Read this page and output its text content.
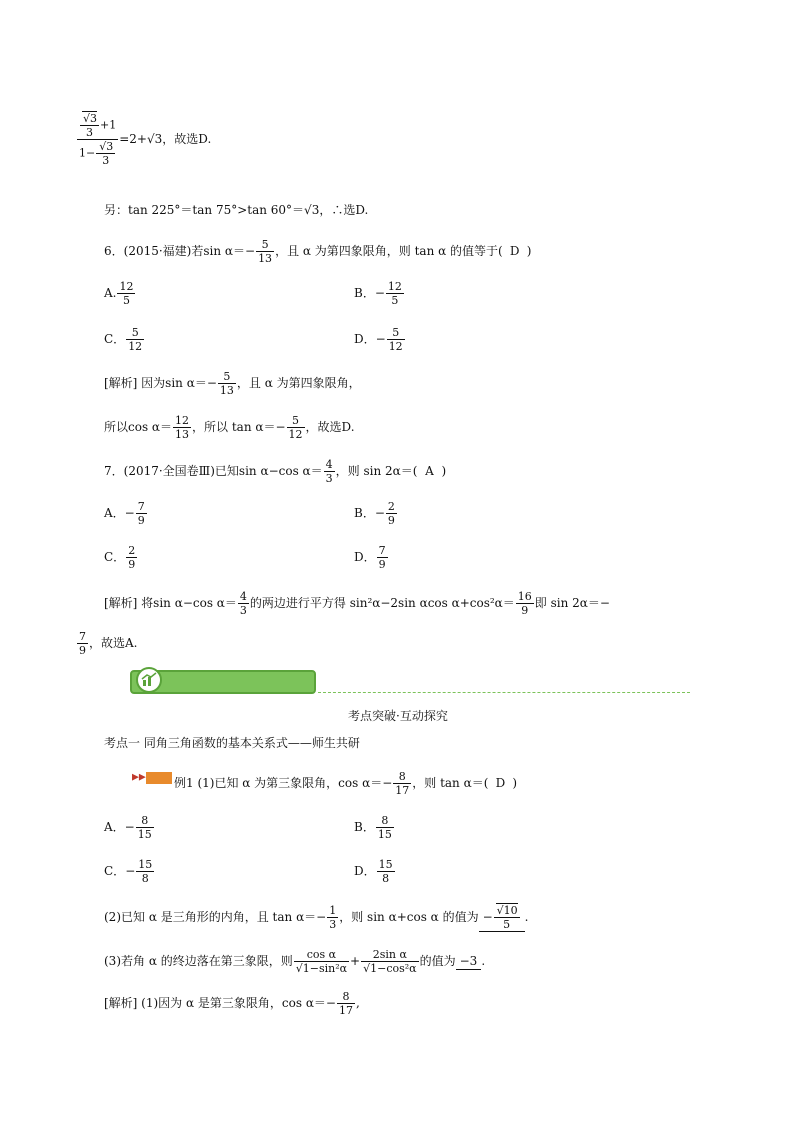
$\frac{\frac{√3}{3} +1}{1- \frac{√3}{3}} =2+√3$，故选D.
另：tan 225°＝tan 75°>tan 60°＝√3，∴选D.
6．(2015·福建)若$\sin \alpha=- \frac{5}{13}$ ，且 α 为第四象限角，则 tan α 的值等于( D )
A. $\frac{12}{5}$	B．− $\frac{12}{5}$
C． $\frac{5}{12}$	D．− $\frac{5}{12}$
[解析] 因为$\sin \alpha=- \frac{5}{13}$ ，且 α 为第四象限角，
所以$\cos \alpha= \frac{12}{13}$ ，所以 $\tan \alpha=- \frac{5}{12}$ ，故选D.
7．(2017·全国卷Ⅲ)已知sin α−cos $\alpha= \frac{4}{3}$ ，则 sin 2α＝( A )
A．− $\frac{7}{9}$	B．− $\frac{2}{9}$
C． $\frac{2}{9}$	D． $\frac{7}{9}$
[解析] 将sin α−cos $\alpha= \frac{4}{3}$ 的两边进行平方得 sin²α−2sin αcos $\alpha+\cos^2\alpha= \frac{16}{9}$ 即 sin 2α＝−
$\frac{7}{9}$ ，故选A.
考点突破·互动探究
考点一 同角三角函数的基本关系式——师生共研
▶▶	例1 (1)已知 α 为第三象限角，$\cos \alpha=- \frac{8}{17}$ ，则 tan α＝( D )
A．− $\frac{8}{15}$	B． $\frac{8}{15}$
C．− $\frac{15}{8}$	D． $\frac{15}{8}$
(2)已知 α 是三角形的内角，且 $\tan \alpha=- \frac{1}{3}$ ，则 sin α+cos α 的值为 − $\frac{√10}{5}$ .
(3)若角 α 的终边落在第三象限，则 $\frac{\text{cos α}}{\text{√1−sin²α}} + \frac{\text{2sin α}}{\text{√1−cos²α}}$ 的值为 −3 .
[解析] (1)因为 α 是第三象限角，$\cos \alpha=- \frac{8}{17}$ ,
